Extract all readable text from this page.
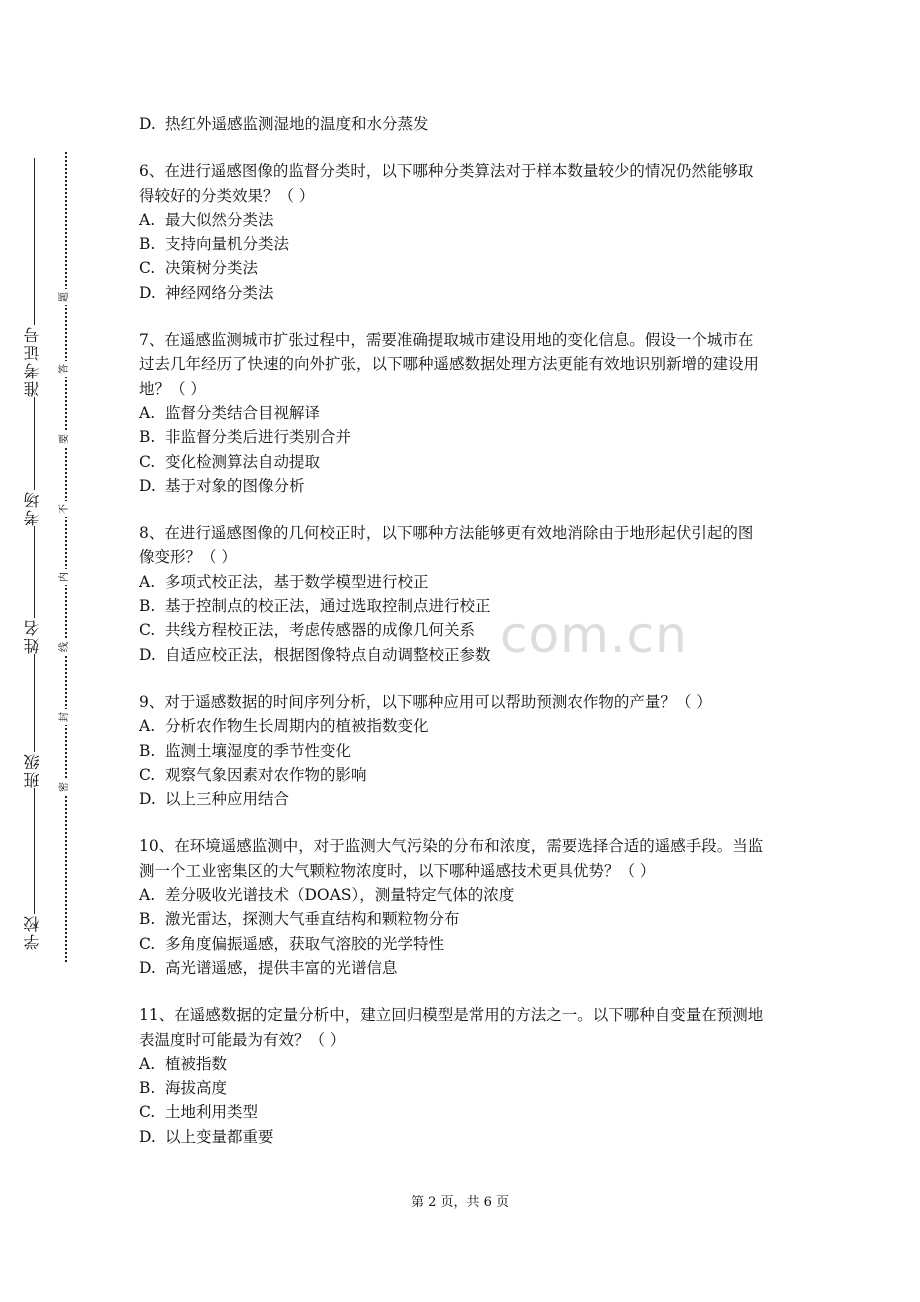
准考证号
考场
姓名
班级
学校
题
答
要
不
内
线
封
密
D. 热红外遥感监测湿地的温度和水分蒸发
6、在进行遥感图像的监督分类时，以下哪种分类算法对于样本数量较少的情况仍然能够取
得较好的分类效果？（ ）
A. 最大似然分类法
B. 支持向量机分类法
C. 决策树分类法
D. 神经网络分类法
7、在遥感监测城市扩张过程中，需要准确提取城市建设用地的变化信息。假设一个城市在
过去几年经历了快速的向外扩张，以下哪种遥感数据处理方法更能有效地识别新增的建设用
地？（ ）
A. 监督分类结合目视解译
B. 非监督分类后进行类别合并
C. 变化检测算法自动提取
D. 基于对象的图像分析
8、在进行遥感图像的几何校正时，以下哪种方法能够更有效地消除由于地形起伏引起的图
像变形？（ ）
A. 多项式校正法，基于数学模型进行校正
B. 基于控制点的校正法，通过选取控制点进行校正
C. 共线方程校正法，考虑传感器的成像几何关系
D. 自适应校正法，根据图像特点自动调整校正参数
9、对于遥感数据的时间序列分析，以下哪种应用可以帮助预测农作物的产量？（ ）
A. 分析农作物生长周期内的植被指数变化
B. 监测土壤湿度的季节性变化
C. 观察气象因素对农作物的影响
D. 以上三种应用结合
10、在环境遥感监测中，对于监测大气污染的分布和浓度，需要选择合适的遥感手段。当监
测一个工业密集区的大气颗粒物浓度时，以下哪种遥感技术更具优势？（ ）
A. 差分吸收光谱技术（DOAS），测量特定气体的浓度
B. 激光雷达，探测大气垂直结构和颗粒物分布
C. 多角度偏振遥感，获取气溶胶的光学特性
D. 高光谱遥感，提供丰富的光谱信息
11、在遥感数据的定量分析中，建立回归模型是常用的方法之一。以下哪种自变量在预测地
表温度时可能最为有效？（ ）
A. 植被指数
B. 海拔高度
C. 土地利用类型
D. 以上变量都重要
com.cn
第 2 页，共 6 页
